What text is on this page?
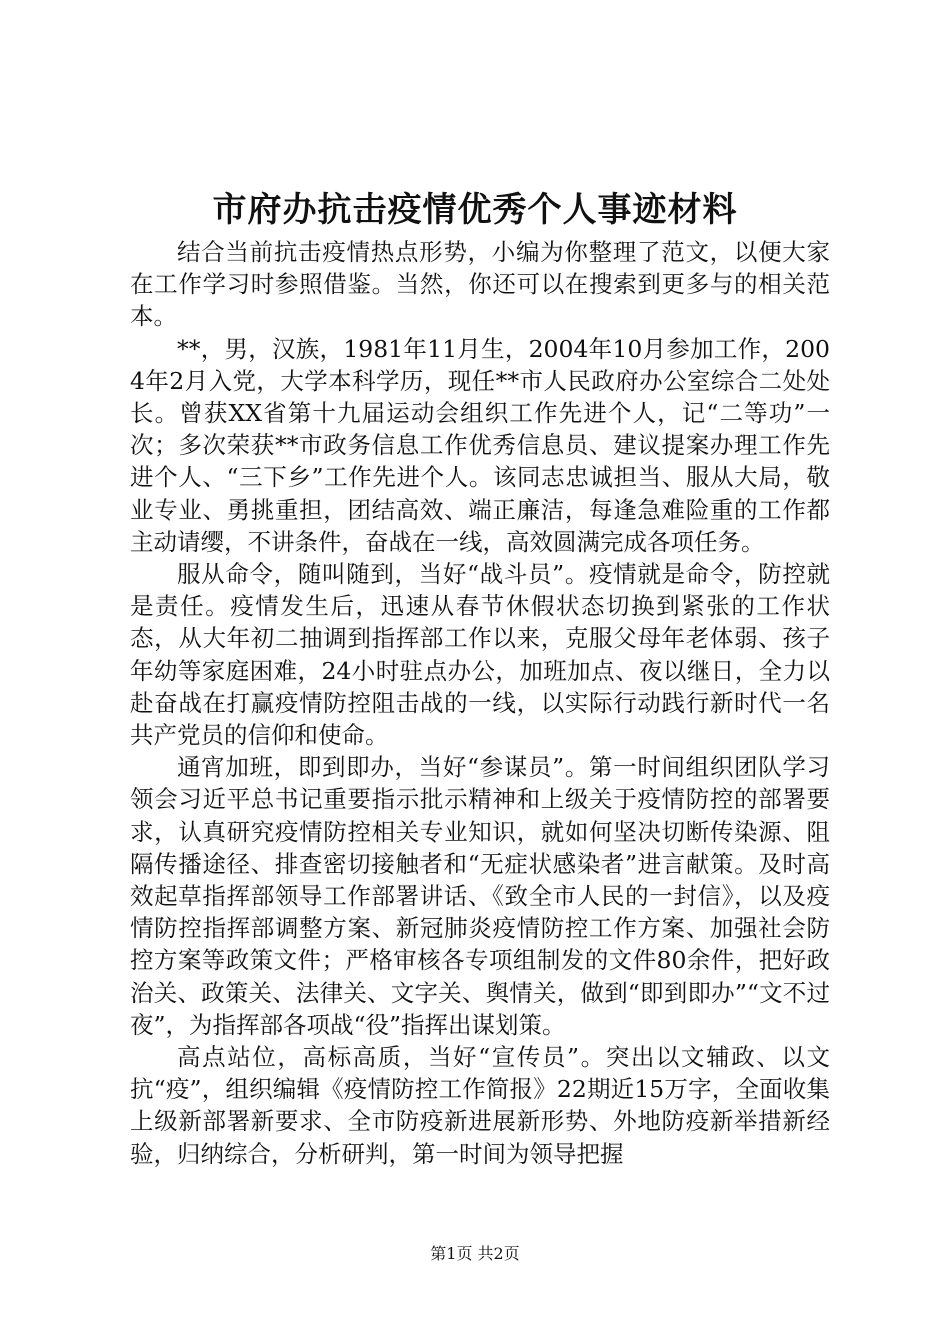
市府办抗击疫情优秀个人事迹材料

结合当前抗击疫情热点形势，小编为你整理了范文，以便大家在工作学习时参照借鉴。当然，你还可以在搜索到更多与的相关范本。

**，男，汉族，1981年11月生，2004年10月参加工作，2004年2月入党，大学本科学历，现任**市人民政府办公室综合二处处长。曾获XX省第十九届运动会组织工作先进个人，记“二等功”一次；多次荣获**市政务信息工作优秀信息员、建议提案办理工作先进个人、“三下乡”工作先进个人。该同志忠诚担当、服从大局，敬业专业、勇挑重担，团结高效、端正廉洁，每逢急难险重的工作都主动请缨，不讲条件，奋战在一线，高效圆满完成各项任务。

服从命令，随叫随到，当好“战斗员”。疫情就是命令，防控就是责任。疫情发生后，迅速从春节休假状态切换到紧张的工作状态，从大年初二抽调到指挥部工作以来，克服父母年老体弱、孩子年幼等家庭困难，24小时驻点办公，加班加点、夜以继日，全力以赴奋战在打赢疫情防控阻击战的一线，以实际行动践行新时代一名共产党员的信仰和使命。

通宵加班，即到即办，当好“参谋员”。第一时间组织团队学习领会习近平总书记重要指示批示精神和上级关于疫情防控的部署要求，认真研究疫情防控相关专业知识，就如何坚决切断传染源、阻隔传播途径、排查密切接触者和“无症状感染者”进言献策。及时高效起草指挥部领导工作部署讲话、《致全市人民的一封信》，以及疫情防控指挥部调整方案、新冠肺炎疫情防控工作方案、加强社会防控方案等政策文件；严格审核各专项组制发的文件80余件，把好政治关、政策关、法律关、文字关、舆情关，做到“即到即办”“文不过夜”，为指挥部各项战“役”指挥出谋划策。

高点站位，高标高质，当好“宣传员”。突出以文辅政、以文抗“疫”，组织编辑《疫情防控工作简报》22期近15万字，全面收集上级新部署新要求、全市防疫新进展新形势、外地防疫新举措新经验，归纳综合，分析研判，第一时间为领导把握

第1页 共2页
